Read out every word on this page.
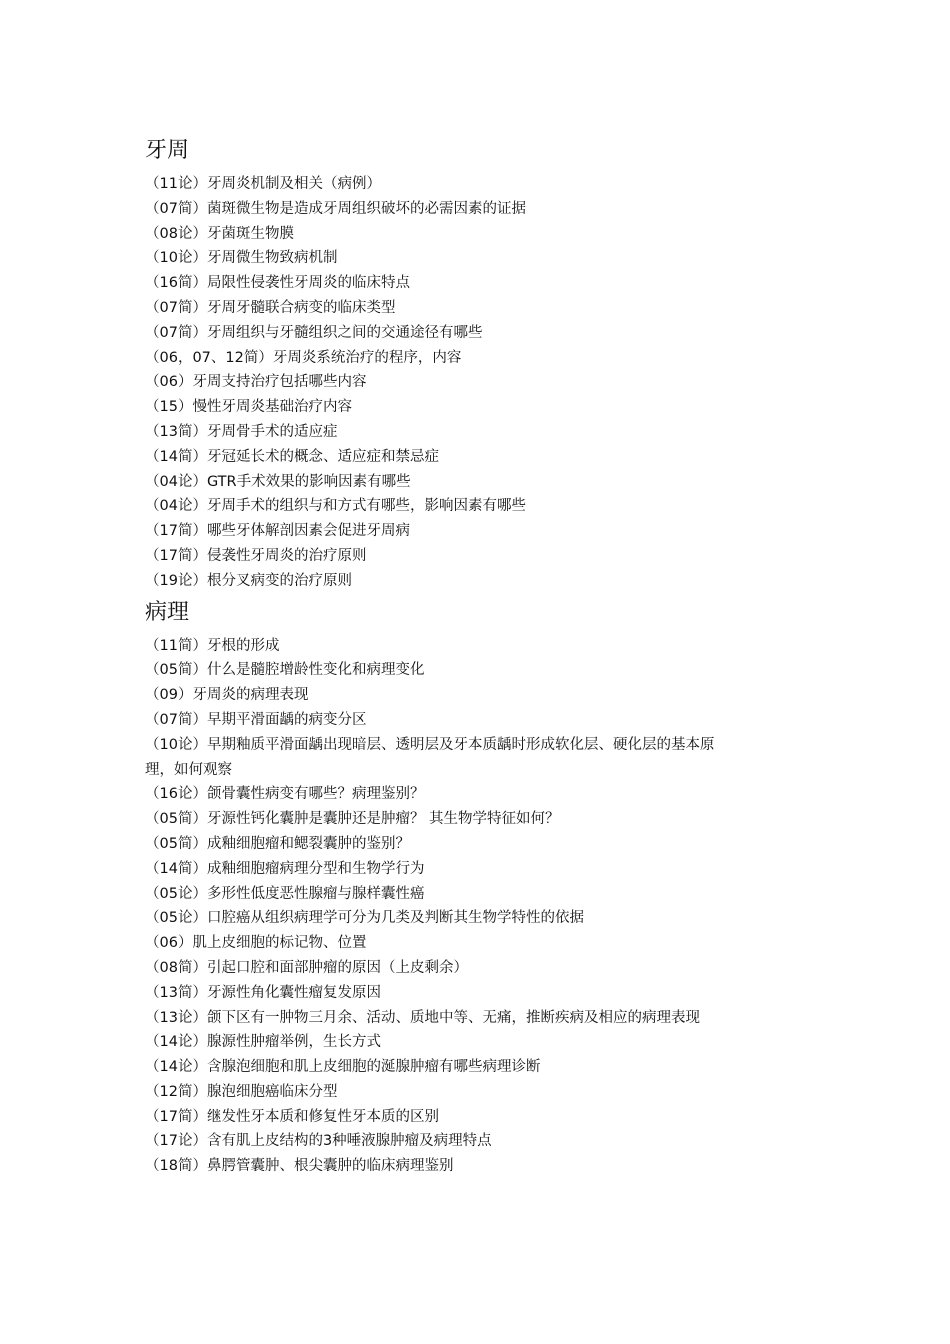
牙周

（11论）牙周炎机制及相关（病例）

（07简）菌斑微生物是造成牙周组织破坏的必需因素的证据

（08论）牙菌斑生物膜

（10论）牙周微生物致病机制

（16简）局限性侵袭性牙周炎的临床特点

（07简）牙周牙髓联合病变的临床类型

（07简）牙周组织与牙髓组织之间的交通途径有哪些

（06，07、12简）牙周炎系统治疗的程序，内容

（06）牙周支持治疗包括哪些内容

（15）慢性牙周炎基础治疗内容

（13简）牙周骨手术的适应症

（14简）牙冠延长术的概念、适应症和禁忌症

（04论）GTR手术效果的影响因素有哪些

（04论）牙周手术的组织与和方式有哪些，影响因素有哪些

（17简）哪些牙体解剖因素会促进牙周病

（17简）侵袭性牙周炎的治疗原则

（19论）根分叉病变的治疗原则

病理

（11简）牙根的形成

（05简）什么是髓腔增龄性变化和病理变化

（09）牙周炎的病理表现

（07简）早期平滑面龋的病变分区

（10论）早期釉质平滑面龋出现暗层、透明层及牙本质龋时形成软化层、硬化层的基本原理，如何观察

（16论）颌骨囊性病变有哪些？病理鉴别？

（05简）牙源性钙化囊肿是囊肿还是肿瘤？ 其生物学特征如何？

（05简）成釉细胞瘤和鳃裂囊肿的鉴别？

（14简）成釉细胞瘤病理分型和生物学行为

（05论）多形性低度恶性腺瘤与腺样囊性癌

（05论）口腔癌从组织病理学可分为几类及判断其生物学特性的依据

（06）肌上皮细胞的标记物、位置

（08简）引起口腔和面部肿瘤的原因（上皮剩余）

（13简）牙源性角化囊性瘤复发原因

（13论）颌下区有一肿物三月余、活动、质地中等、无痛，推断疾病及相应的病理表现

（14论）腺源性肿瘤举例，生长方式

（14论）含腺泡细胞和肌上皮细胞的涎腺肿瘤有哪些病理诊断

（12简）腺泡细胞癌临床分型

（17简）继发性牙本质和修复性牙本质的区别

（17论）含有肌上皮结构的3种唾液腺肿瘤及病理特点

（18简）鼻腭管囊肿、根尖囊肿的临床病理鉴别
